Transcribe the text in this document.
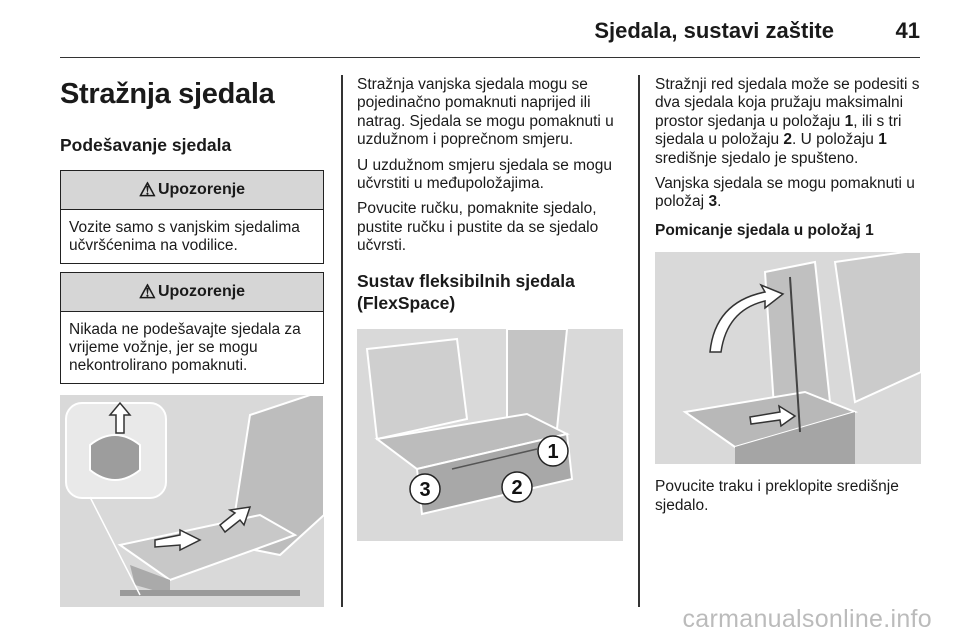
Sjedala, sustavi zaštite	41
Stražnja sjedala
Podešavanje sjedala
⚠ Upozorenje
Vozite samo s vanjskim sjedalima učvršćenima na vodilice.
⚠ Upozorenje
Nikada ne podešavajte sjedala za vrijeme vožnje, jer se mogu nekontrolirano pomaknuti.

Stražnja vanjska sjedala mogu se pojedinačno pomaknuti naprijed ili natrag. Sjedala se mogu pomaknuti u uzdužnom i poprečnom smjeru.

U uzdužnom smjeru sjedala se mogu učvrstiti u međupoložajima.

Povucite ručku, pomaknite sjedalo, pustite ručku i pustite da se sjedalo učvrsti.

Sustav fleksibilnih sjedala (FlexSpace)
1
2
3

Stražnji red sjedala može se podesiti s dva sjedala koja pružaju maksimalni prostor sjedanja u položaju 1, ili s tri sjedala u položaju 2. U položaju 1 središnje sjedalo je spušteno.

Vanjska sjedala se mogu pomaknuti u položaj 3.

Pomicanje sjedala u položaj 1

Povucite traku i preklopite središnje sjedalo.

carmanualsonline.info
